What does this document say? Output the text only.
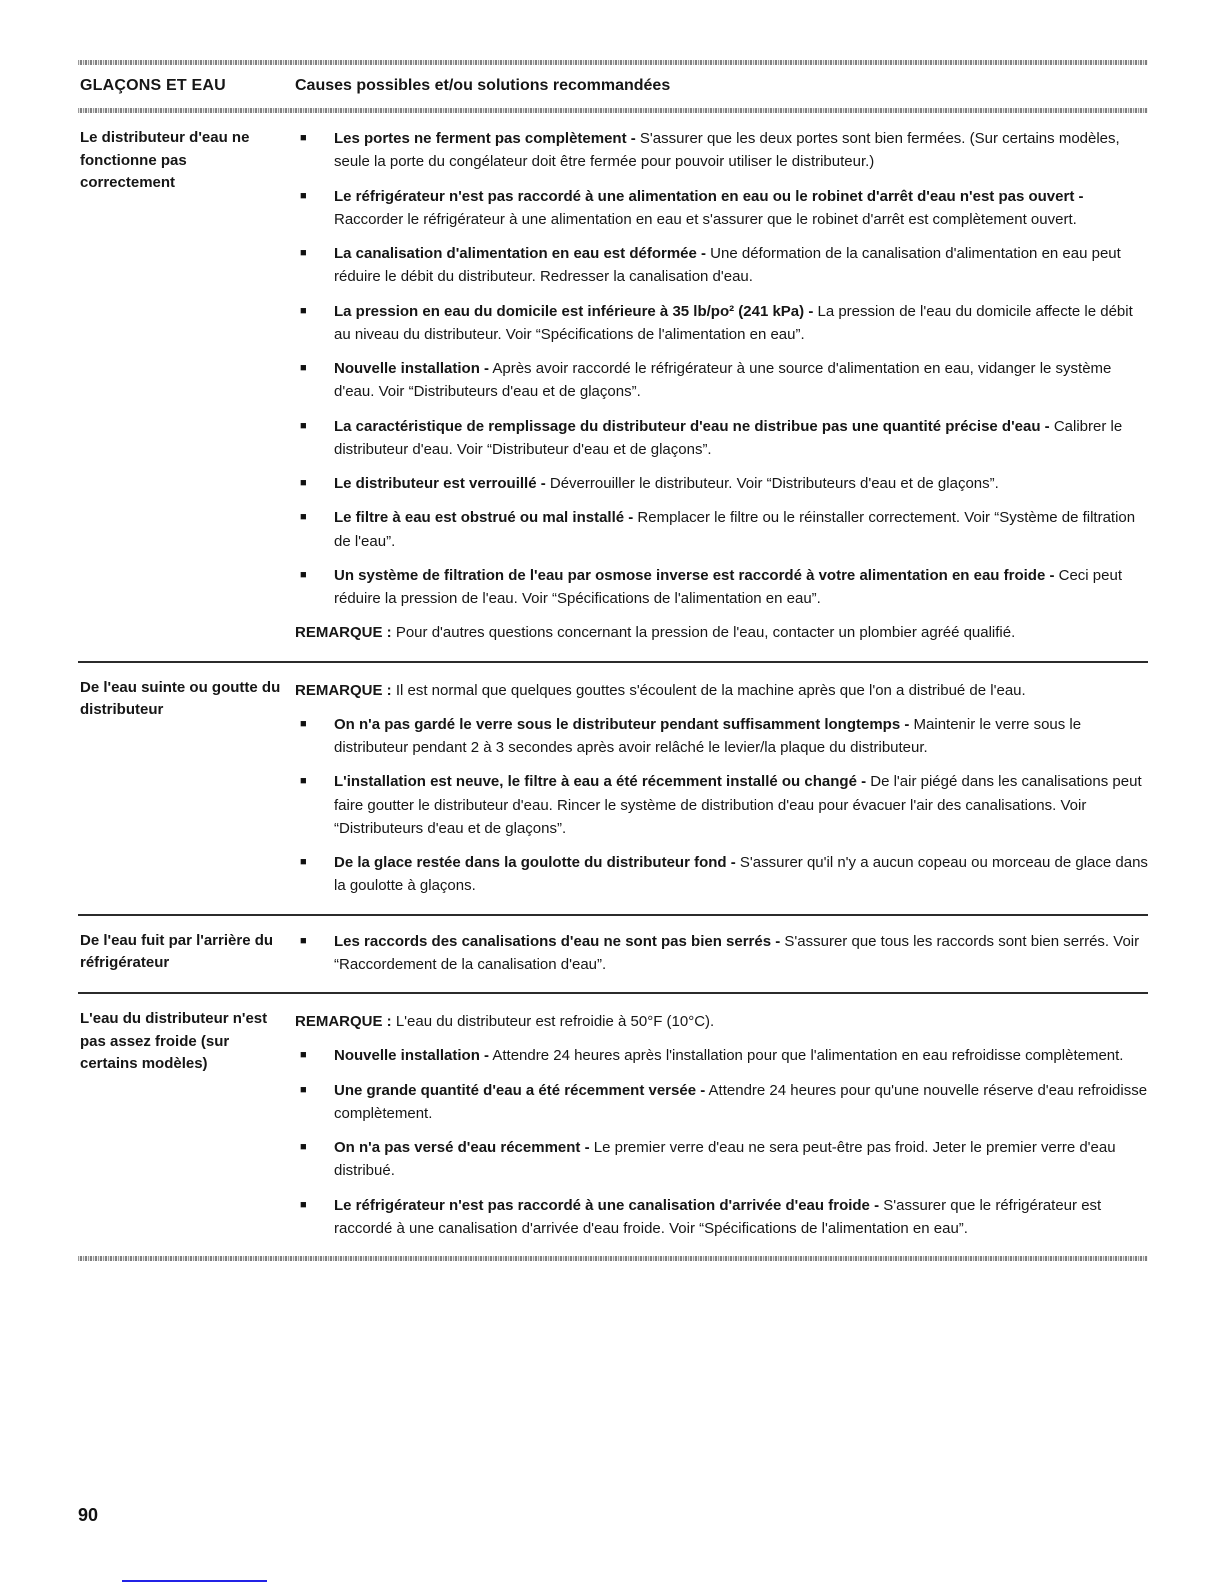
GLAÇONS ET EAU	Causes possibles et/ou solutions recommandées
Le distributeur d'eau ne fonctionne pas correctement
■	Les portes ne ferment pas complètement - S'assurer que les deux portes sont bien fermées. (Sur certains modèles, seule la porte du congélateur doit être fermée pour pouvoir utiliser le distributeur.)
■	Le réfrigérateur n'est pas raccordé à une alimentation en eau ou le robinet d'arrêt d'eau n'est pas ouvert - Raccorder le réfrigérateur à une alimentation en eau et s'assurer que le robinet d'arrêt est complètement ouvert.
■	La canalisation d'alimentation en eau est déformée - Une déformation de la canalisation d'alimentation en eau peut réduire le débit du distributeur. Redresser la canalisation d'eau.
■	La pression en eau du domicile est inférieure à 35 lb/po² (241 kPa) - La pression de l'eau du domicile affecte le débit au niveau du distributeur. Voir “Spécifications de l'alimentation en eau”.
■	Nouvelle installation - Après avoir raccordé le réfrigérateur à une source d'alimentation en eau, vidanger le système d'eau. Voir “Distributeurs d'eau et de glaçons”.
■	La caractéristique de remplissage du distributeur d'eau ne distribue pas une quantité précise d'eau - Calibrer le distributeur d'eau. Voir “Distributeur d'eau et de glaçons”.
■	Le distributeur est verrouillé - Déverrouiller le distributeur. Voir “Distributeurs d'eau et de glaçons”.
■	Le filtre à eau est obstrué ou mal installé - Remplacer le filtre ou le réinstaller correctement. Voir “Système de filtration de l'eau”.
■	Un système de filtration de l'eau par osmose inverse est raccordé à votre alimentation en eau froide - Ceci peut réduire la pression de l'eau. Voir “Spécifications de l'alimentation en eau”.
REMARQUE : Pour d'autres questions concernant la pression de l'eau, contacter un plombier agréé qualifié.
De l'eau suinte ou goutte du distributeur
REMARQUE : Il est normal que quelques gouttes s'écoulent de la machine après que l'on a distribué de l'eau.
■	On n'a pas gardé le verre sous le distributeur pendant suffisamment longtemps - Maintenir le verre sous le distributeur pendant 2 à 3 secondes après avoir relâché le levier/la plaque du distributeur.
■	L'installation est neuve, le filtre à eau a été récemment installé ou changé - De l'air piégé dans les canalisations peut faire goutter le distributeur d'eau. Rincer le système de distribution d'eau pour évacuer l'air des canalisations. Voir “Distributeurs d'eau et de glaçons”.
■	De la glace restée dans la goulotte du distributeur fond - S'assurer qu'il n'y a aucun copeau ou morceau de glace dans la goulotte à glaçons.
De l'eau fuit par l'arrière du réfrigérateur
■	Les raccords des canalisations d'eau ne sont pas bien serrés - S'assurer que tous les raccords sont bien serrés. Voir “Raccordement de la canalisation d'eau”.
L'eau du distributeur n'est pas assez froide (sur certains modèles)
REMARQUE : L'eau du distributeur est refroidie à 50°F (10°C).
■	Nouvelle installation - Attendre 24 heures après l'installation pour que l'alimentation en eau refroidisse complètement.
■	Une grande quantité d'eau a été récemment versée - Attendre 24 heures pour qu'une nouvelle réserve d'eau refroidisse complètement.
■	On n'a pas versé d'eau récemment - Le premier verre d'eau ne sera peut-être pas froid. Jeter le premier verre d'eau distribué.
■	Le réfrigérateur n'est pas raccordé à une canalisation d'arrivée d'eau froide - S'assurer que le réfrigérateur est raccordé à une canalisation d'arrivée d'eau froide. Voir “Spécifications de l'alimentation en eau”.
90
